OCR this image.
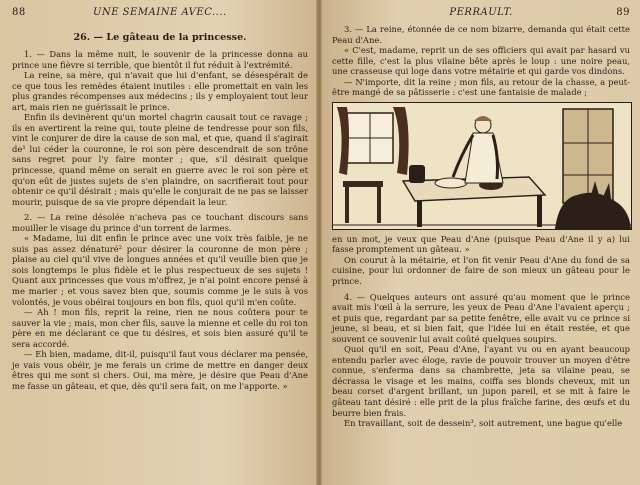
88	UNE SEMAINE AVEC....
26. — Le gâteau de la princesse.

1. — Dans la même nuit, le souvenir de la princesse donna au prince une fièvre si terrible, que bientôt il fut réduit à l'extrémité.

La reine, sa mère, qui n'avait que lui d'enfant, se désespérait de ce que tous les remèdes étaient inutiles : elle promettait en vain les plus grandes récompenses aux médecins ; ils y employaient tout leur art, mais rien ne guérissait le prince.

Enfin ils devinèrent qu'un mortel chagrin causait tout ce ravage ; ils en avertirent la reine qui, toute pleine de tendresse pour son fils, vint le conjurer de dire la cause de son mal, et que, quand il s'agirait de¹ lui céder la couronne, le roi son père descendrait de son trône sans regret pour l'y faire monter ; que, s'il désirait quelque princesse, quand même on serait en guerre avec le roi son père et qu'on eût de justes sujets de s'en plaindre, on sacrifierait tout pour obtenir ce qu'il désirait ; mais qu'elle le conjurait de ne pas se laisser mourir, puisque de sa vie propre dépendait la leur.

2. — La reine désolée n'acheva pas ce touchant discours sans mouiller le visage du prince d'un torrent de larmes.

« Madame, lui dit enfin le prince avec une voix très faible, je ne suis pas assez dénaturé² pour désirer la couronne de mon père ; plaise au ciel qu'il vive de longues années et qu'il veuille bien que je sois longtemps le plus fidèle et le plus respectueux de ses sujets ! Quant aux princesses que vous m'offrez, je n'ai point encore pensé à me marier ; et vous savez bien que, soumis comme je le suis à vos volontés, je vous obéirai toujours en bon fils, quoi qu'il m'en coûte.

— Ah ! mon fils, reprit la reine, rien ne nous coûtera pour te sauver la vie ; mais, mon cher fils, sauve la mienne et celle du roi ton père en me déclarant ce que tu désires, et sois bien assuré qu'il te sera accordé.

— Eh bien, madame, dit-il, puisqu'il faut vous déclarer ma pensée, je vais vous obéir, je me ferais un crime de mettre en danger deux êtres qui me sont si chers. Oui, ma mère, je désire que Peau d'Ane me fasse un gâteau, et que, dès qu'il sera fait, on me l'apporte. »

PERRAULT.	89

3. — La reine, étonnée de ce nom bizarre, demanda qui était cette Peau d'Ane.

« C'est, madame, reprit un de ses officiers qui avait par hasard vu cette fille, c'est la plus vilaine bête après le loup : une noire peau, une crasseuse qui loge dans votre métairie et qui garde vos dindons.

— N'importe, dit la reine ; mon fils, au retour de la chasse, a peut-être mangé de sa pâtisserie : c'est une fantaisie de malade ;

en un mot, je veux que Peau d'Ane (puisque Peau d'Ane il y a) lui fasse promptement un gâteau. »

On courut à la métairie, et l'on fit venir Peau d'Ane du fond de sa cuisine, pour lui ordonner de faire de son mieux un gâteau pour le prince.

4. — Quelques auteurs ont assuré qu'au moment que le prince avait mis l'œil à la serrure, les yeux de Peau d'Ane l'avaient aperçu ; et puis que, regardant par sa petite fenêtre, elle avait vu ce prince si jeune, si beau, et si bien fait, que l'idée lui en était restée, et que souvent ce souvenir lui avait coûté quelques soupirs.

Quoi qu'il en soit, Peau d'Ane, l'ayant vu ou en ayant beaucoup entendu parler avec éloge, ravie de pouvoir trouver un moyen d'être connue, s'enferma dans sa chambrette, jeta sa vilaine peau, se décrassa le visage et les mains, coiffa ses blonds cheveux, mit un beau corset d'argent brillant, un jupon pareil, et se mit à faire le gâteau tant désiré : elle prit de la plus fraîche farine, des œufs et du beurre bien frais.

En travaillant, soit de dessein³, soit autrement, une bague qu'elle
